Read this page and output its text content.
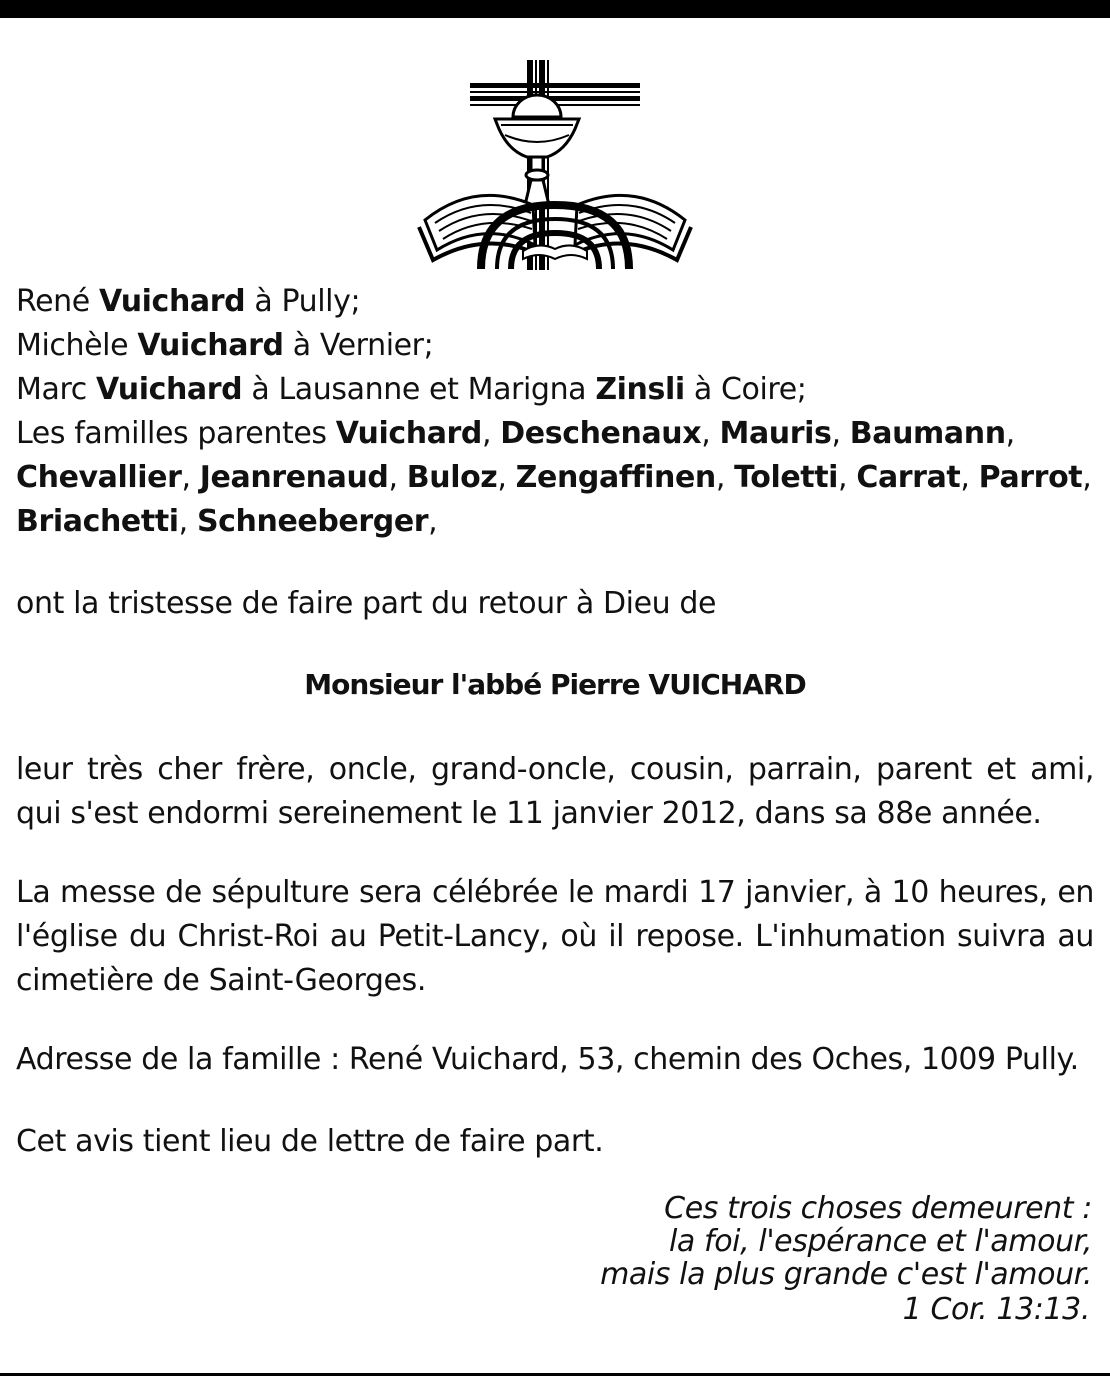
René Vuichard à Pully;
Michèle Vuichard à Vernier;
Marc Vuichard à Lausanne et Marigna Zinsli à Coire;
Les familles parentes Vuichard, Deschenaux, Mauris, Baumann,
Chevallier, Jeanrenaud, Buloz, Zengaffinen, Toletti, Carrat, Parrot,
Briachetti, Schneeberger,
ont la tristesse de faire part du retour à Dieu de
Monsieur l'abbé Pierre VUICHARD
leur très cher frère, oncle, grand-oncle, cousin, parrain, parent et ami,
qui s'est endormi sereinement le 11 janvier 2012, dans sa 88e année.
La messe de sépulture sera célébrée le mardi 17 janvier, à 10 heures, en
l'église du Christ-Roi au Petit-Lancy, où il repose. L'inhumation suivra au
cimetière de Saint-Georges.
Adresse de la famille : René Vuichard, 53, chemin des Oches, 1009 Pully.
Cet avis tient lieu de lettre de faire part.
Ces trois choses demeurent :
la foi, l'espérance et l'amour,
mais la plus grande c'est l'amour.
1 Cor. 13:13.
